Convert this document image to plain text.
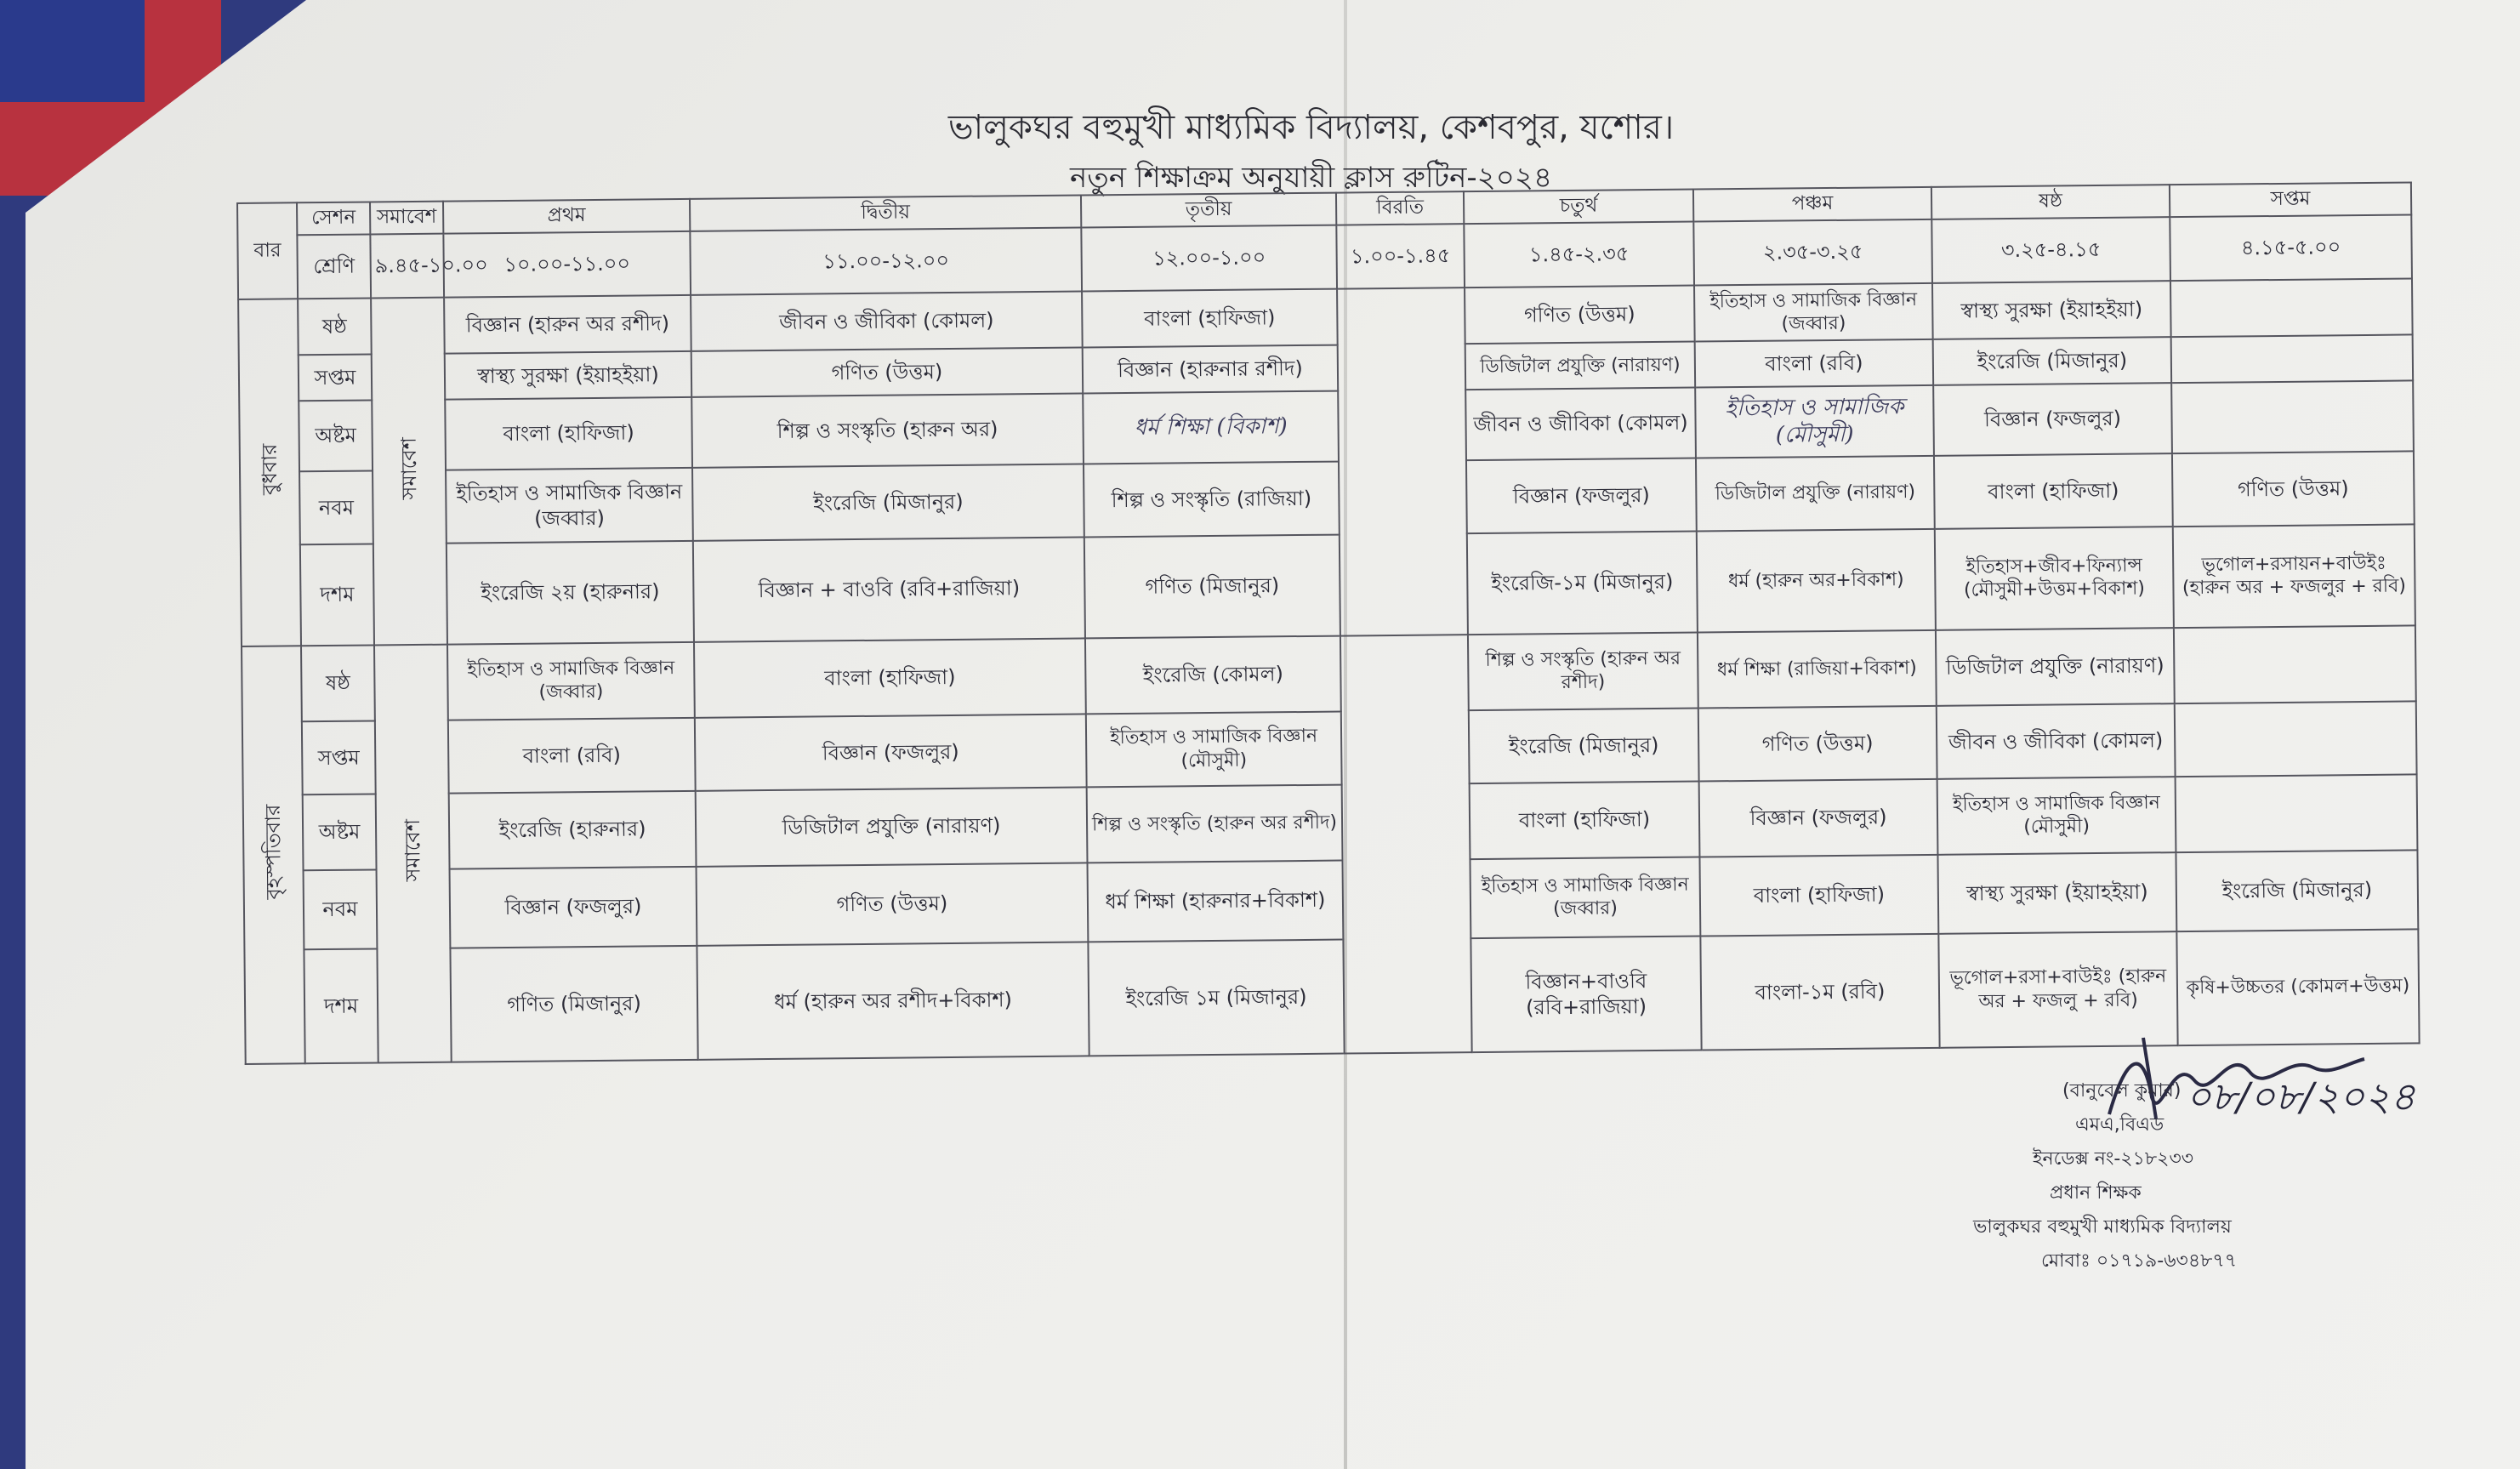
ভালুকঘর বহুমুখী মাধ্যমিক বিদ্যালয়, কেশবপুর, যশোর।
নতুন শিক্ষাক্রম অনুযায়ী ক্লাস রুটিন-২০২৪
বার	সেশন	সমাবেশ	প্রথম	দ্বিতীয়	তৃতীয়	বিরতি	চতুর্থ	পঞ্চম	ষষ্ঠ	সপ্তম
	শ্রেণি	৯.৪৫-১০.০০	১০.০০-১১.০০	১১.০০-১২.০০	১২.০০-১.০০	১.০০-১.৪৫	১.৪৫-২.৩৫	২.৩৫-৩.২৫	৩.২৫-৪.১৫	৪.১৫-৫.০০
বুধবার	ষষ্ঠ	সমাবেশ	বিজ্ঞান (হারুন অর রশীদ)	জীবন ও জীবিকা (কোমল)	বাংলা (হাফিজা)		গণিত (উত্তম)	ইতিহাস ও সামাজিক বিজ্ঞান (জব্বার)	স্বাস্থ্য সুরক্ষা (ইয়াহইয়া)	
	সপ্তম		স্বাস্থ্য সুরক্ষা (ইয়াহইয়া)	গণিত (উত্তম)	বিজ্ঞান (হারুনার রশীদ)		ডিজিটাল প্রযুক্তি (নারায়ণ)	বাংলা (রবি)	ইংরেজি (মিজানুর)	
	অষ্টম		বাংলা (হাফিজা)	শিল্প ও সংস্কৃতি (হারুন অর)	ধর্ম শিক্ষা (বিকাশ)		জীবন ও জীবিকা (কোমল)	ইতিহাস ও সামাজিক (মৌসুমী)	বিজ্ঞান (ফজলুর)	
	নবম		ইতিহাস ও সামাজিক বিজ্ঞান (জব্বার)	ইংরেজি (মিজানুর)	শিল্প ও সংস্কৃতি (রাজিয়া)		বিজ্ঞান (ফজলুর)	ডিজিটাল প্রযুক্তি (নারায়ণ)	বাংলা (হাফিজা)	গণিত (উত্তম)
	দশম		ইংরেজি ২য় (হারুনার)	বিজ্ঞান + বাওবি (রবি+রাজিয়া)	গণিত (মিজানুর)		ইংরেজি-১ম (মিজানুর)	ধর্ম (হারুন অর+বিকাশ)	ইতিহাস+জীব+ফিন্যান্স (মৌসুমী+উত্তম+বিকাশ)	ভূগোল+রসায়ন+বাউইঃ (হারুন অর + ফজলুর + রবি)
বৃহস্পতিবার	ষষ্ঠ	সমাবেশ	ইতিহাস ও সামাজিক বিজ্ঞান (জব্বার)	বাংলা (হাফিজা)	ইংরেজি (কোমল)		শিল্প ও সংস্কৃতি (হারুন অর রশীদ)	ধর্ম শিক্ষা (রাজিয়া+বিকাশ)	ডিজিটাল প্রযুক্তি (নারায়ণ)	
	সপ্তম		বাংলা (রবি)	বিজ্ঞান (ফজলুর)	ইতিহাস ও সামাজিক বিজ্ঞান (মৌসুমী)		ইংরেজি (মিজানুর)	গণিত (উত্তম)	জীবন ও জীবিকা (কোমল)	
	অষ্টম		ইংরেজি (হারুনার)	ডিজিটাল প্রযুক্তি (নারায়ণ)	শিল্প ও সংস্কৃতি (হারুন অর রশীদ)		বাংলা (হাফিজা)	বিজ্ঞান (ফজলুর)	ইতিহাস ও সামাজিক বিজ্ঞান (মৌসুমী)	
	নবম		বিজ্ঞান (ফজলুর)	গণিত (উত্তম)	ধর্ম শিক্ষা (হারুনার+বিকাশ)		ইতিহাস ও সামাজিক বিজ্ঞান (জব্বার)	বাংলা (হাফিজা)	স্বাস্থ্য সুরক্ষা (ইয়াহইয়া)	ইংরেজি (মিজানুর)
	দশম		গণিত (মিজানুর)	ধর্ম (হারুন অর রশীদ+বিকাশ)	ইংরেজি ১ম (মিজানুর)		বিজ্ঞান+বাওবি (রবি+রাজিয়া)	বাংলা-১ম (রবি)	ভূগোল+রসা+বাউইঃ (হারুন অর + ফজলু + রবি)	কৃষি+উচ্চতর (কোমল+উত্তম)
(বানুবেল কুমার) ০৮/০৮/২০২৪
এমএ,বিএড
ইনডেক্স নং-২১৮২৩৩
প্রধান শিক্ষক
ভালুকঘর বহুমুখী মাধ্যমিক বিদ্যালয়
মোবাঃ ০১৭১৯-৬৩৪৮৭৭
